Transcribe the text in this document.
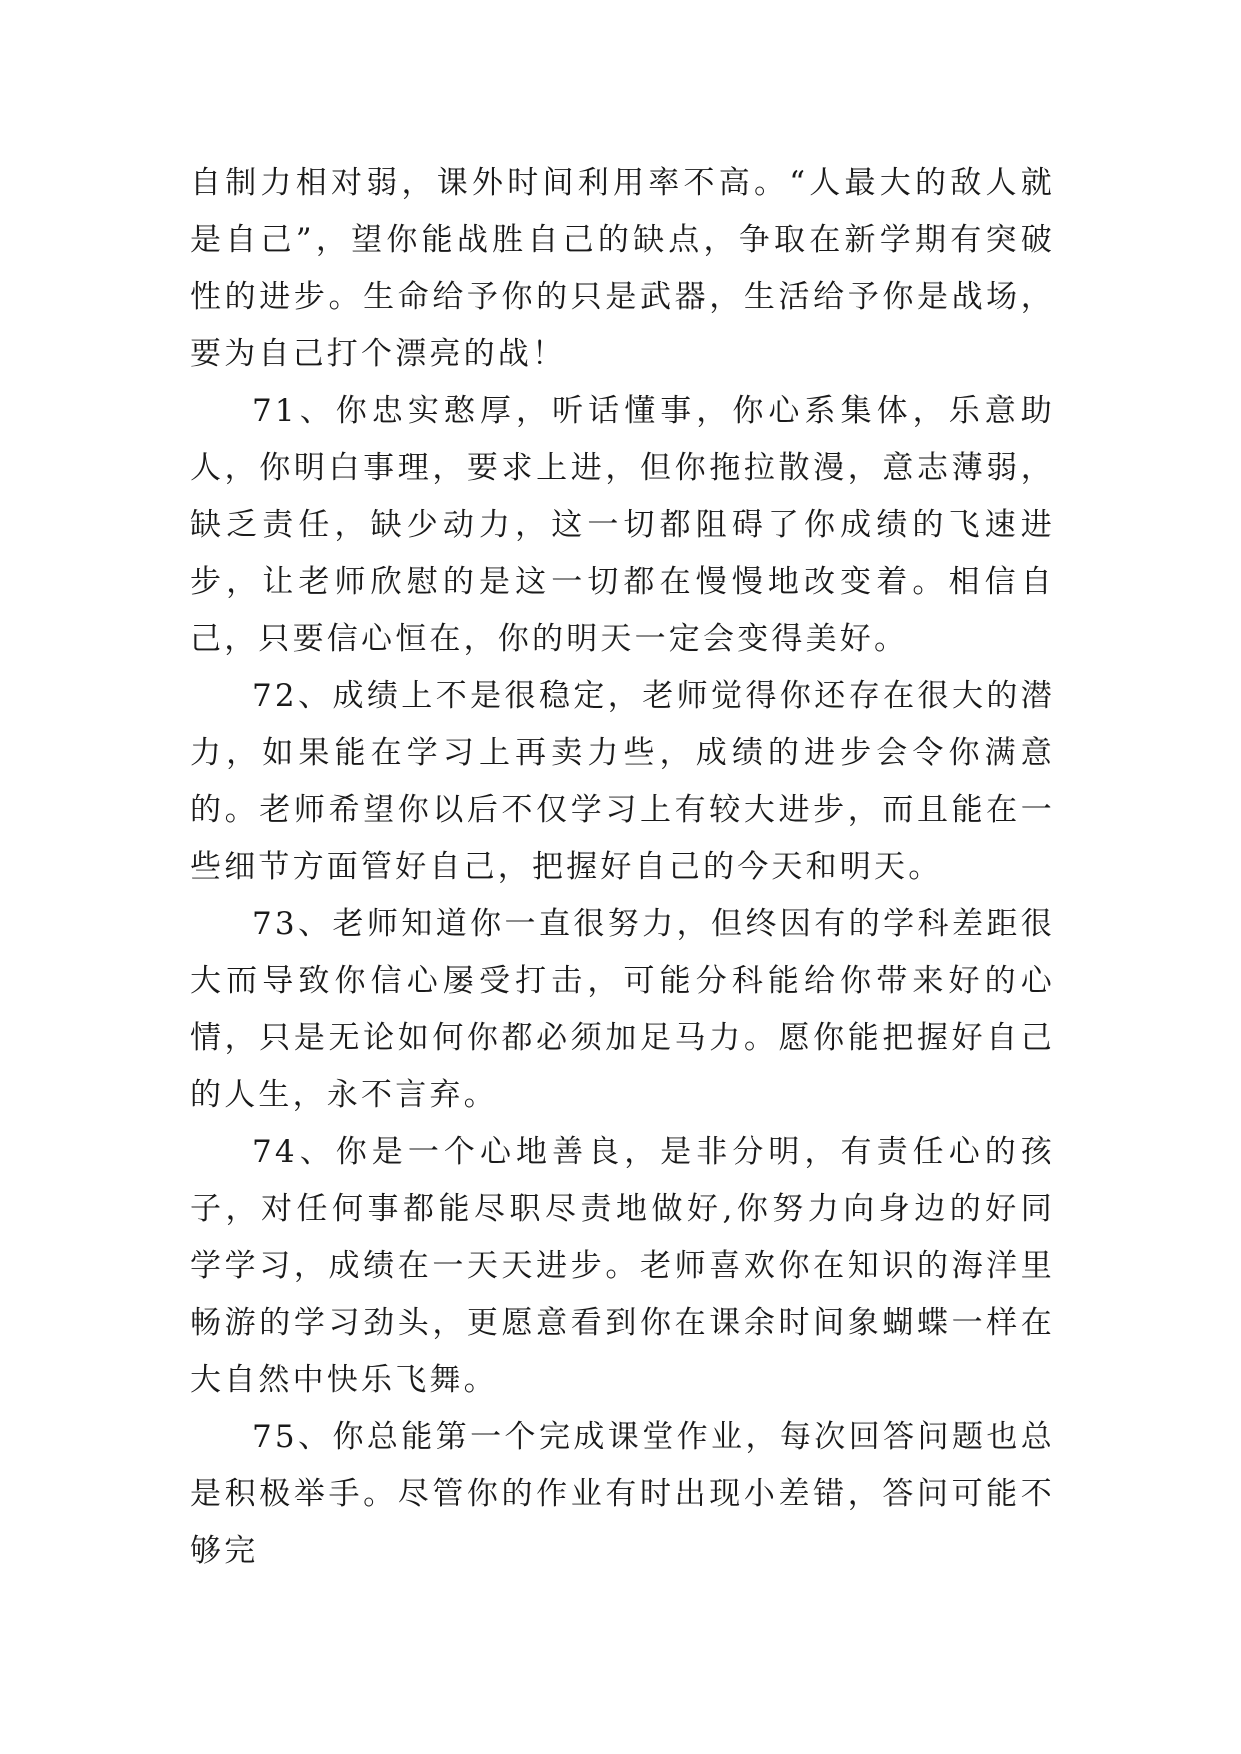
自制力相对弱，课外时间利用率不高。“人最大的敌人就是自己”，望你能战胜自己的缺点，争取在新学期有突破性的进步。生命给予你的只是武器，生活给予你是战场，要为自己打个漂亮的战！

71、你忠实憨厚，听话懂事，你心系集体，乐意助人，你明白事理，要求上进，但你拖拉散漫，意志薄弱，缺乏责任，缺少动力，这一切都阻碍了你成绩的飞速进步，让老师欣慰的是这一切都在慢慢地改变着。相信自己，只要信心恒在，你的明天一定会变得美好。

72、成绩上不是很稳定，老师觉得你还存在很大的潜力，如果能在学习上再卖力些，成绩的进步会令你满意的。老师希望你以后不仅学习上有较大进步，而且能在一些细节方面管好自己，把握好自己的今天和明天。

73、老师知道你一直很努力，但终因有的学科差距很大而导致你信心屡受打击，可能分科能给你带来好的心情，只是无论如何你都必须加足马力。愿你能把握好自己的人生，永不言弃。

74、你是一个心地善良，是非分明，有责任心的孩子，对任何事都能尽职尽责地做好,你努力向身边的好同学学习，成绩在一天天进步。老师喜欢你在知识的海洋里畅游的学习劲头，更愿意看到你在课余时间象蝴蝶一样在大自然中快乐飞舞。

75、你总能第一个完成课堂作业，每次回答问题也总是积极举手。尽管你的作业有时出现小差错，答问可能不够完
